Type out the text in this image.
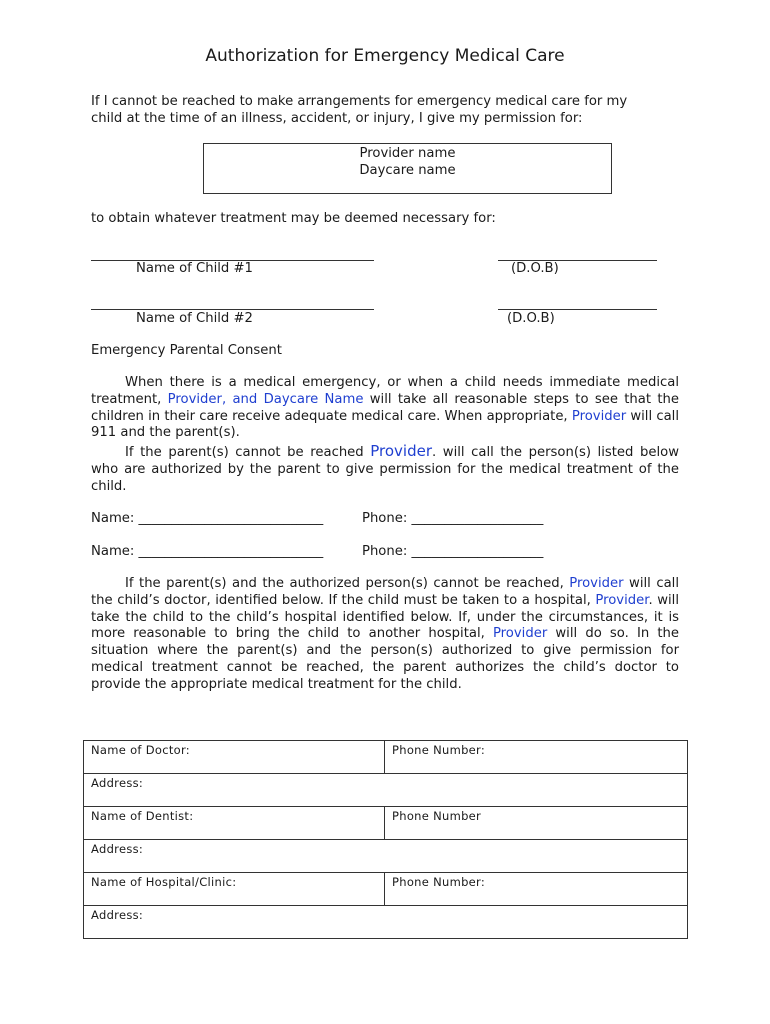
Authorization for Emergency Medical Care
If I cannot be reached to make arrangements for emergency medical care for my
child at the time of an illness, accident, or injury, I give my permission for:
Provider name
Daycare name
to obtain whatever treatment may be deemed necessary for:
Name of Child #1	(D.O.B)
Name of Child #2	(D.O.B)
Emergency Parental Consent
When there is a medical emergency, or when a child needs immediate medical treatment, Provider, and Daycare Name will take all reasonable steps to see that the children in their care receive adequate medical care. When appropriate, Provider will call 911 and the parent(s).
If the parent(s) cannot be reached Provider. will call the person(s) listed below who are authorized by the parent to give permission for the medical treatment of the child.
Name: ____________________________	Phone: ____________________
Name: ____________________________	Phone: ____________________
If the parent(s) and the authorized person(s) cannot be reached, Provider will call the child’s doctor, identified below. If the child must be taken to a hospital, Provider. will take the child to the child’s hospital identified below. If, under the circumstances, it is more reasonable to bring the child to another hospital, Provider will do so. In the situation where the parent(s) and the person(s) authorized to give permission for medical treatment cannot be reached, the parent authorizes the child’s doctor to provide the appropriate medical treatment for the child.
Name of Doctor:	Phone Number:
Address:	
Name of Dentist:	Phone Number
Address:	
Name of Hospital/Clinic:	Phone Number:
Address:	
